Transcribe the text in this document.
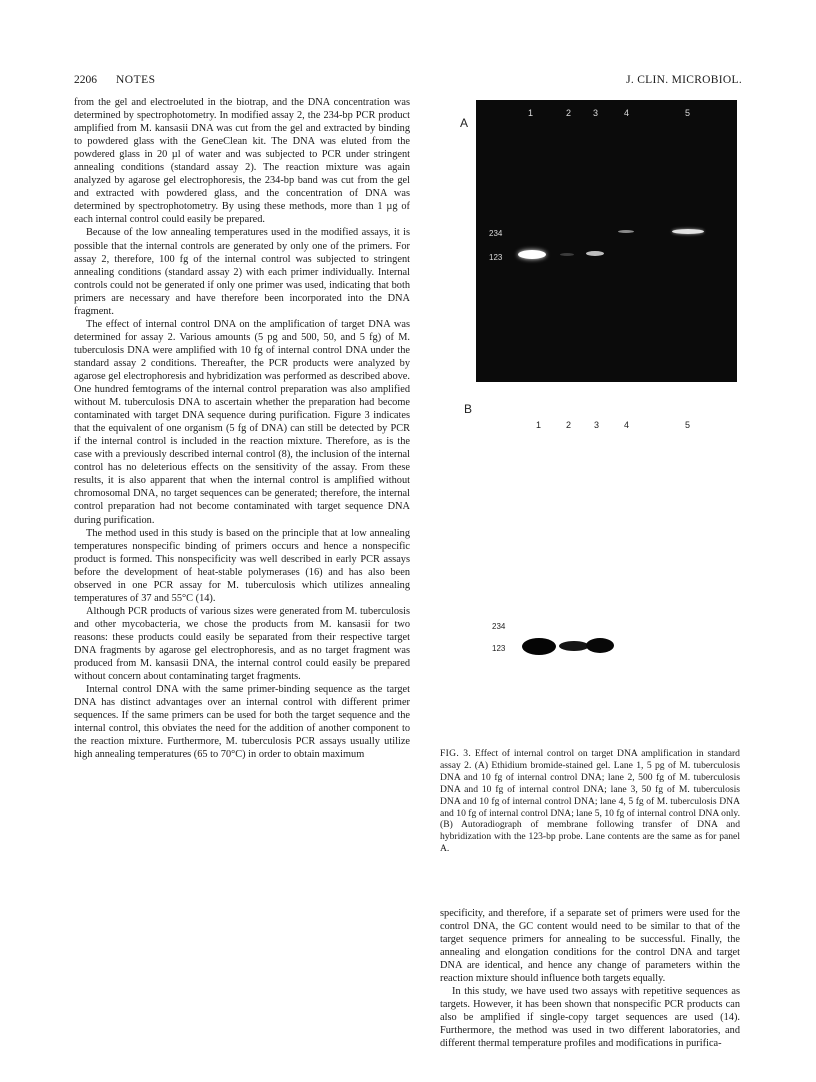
2206 NOTES	J. CLIN. MICROBIOL.

from the gel and electroeluted in the biotrap, and the DNA concentration was determined by spectrophotometry. In modified assay 2, the 234-bp PCR product amplified from M. kansasii DNA was cut from the gel and extracted by binding to powdered glass with the GeneClean kit. The DNA was eluted from the powdered glass in 20 µl of water and was subjected to PCR under stringent annealing conditions (standard assay 2). The reaction mixture was again analyzed by agarose gel electrophoresis, the 234-bp band was cut from the gel and extracted with powdered glass, and the concentration of DNA was determined by spectrophotometry. By using these methods, more than 1 µg of each internal control could easily be prepared.

Because of the low annealing temperatures used in the modified assays, it is possible that the internal controls are generated by only one of the primers. For assay 2, therefore, 100 fg of the internal control was subjected to stringent annealing conditions (standard assay 2) with each primer individually. Internal controls could not be generated if only one primer was used, indicating that both primers are necessary and have therefore been incorporated into the DNA fragment.

The effect of internal control DNA on the amplification of target DNA was determined for assay 2. Various amounts (5 pg and 500, 50, and 5 fg) of M. tuberculosis DNA were amplified with 10 fg of internal control DNA under the standard assay 2 conditions. Thereafter, the PCR products were analyzed by agarose gel electrophoresis and hybridization was performed as described above. One hundred femtograms of the internal control preparation was also amplified without M. tuberculosis DNA to ascertain whether the preparation had become contaminated with target DNA sequence during purification. Figure 3 indicates that the equivalent of one organism (5 fg of DNA) can still be detected by PCR if the internal control is included in the reaction mixture. Therefore, as is the case with a previously described internal control (8), the inclusion of the internal control has no deleterious effects on the sensitivity of the assay. From these results, it is also apparent that when the internal control is amplified without chromosomal DNA, no target sequences can be generated; therefore, the internal control preparation had not become contaminated with target sequence DNA during purification.

The method used in this study is based on the principle that at low annealing temperatures nonspecific binding of primers occurs and hence a nonspecific product is formed. This nonspecificity was well described in early PCR assays before the development of heat-stable polymerases (16) and has also been observed in one PCR assay for M. tuberculosis which utilizes annealing temperatures of 37 and 55°C (14).

Although PCR products of various sizes were generated from M. tuberculosis and other mycobacteria, we chose the products from M. kansasii for two reasons: these products could easily be separated from their respective target DNA fragments by agarose gel electrophoresis, and as no target fragment was produced from M. kansasii DNA, the internal control could easily be prepared without concern about contaminating target fragments.

Internal control DNA with the same primer-binding sequence as the target DNA has distinct advantages over an internal control with different primer sequences. If the same primers can be used for both the target sequence and the internal control, this obviates the need for the addition of another component to the reaction mixture. Furthermore, M. tuberculosis PCR assays usually utilize high annealing temperatures (65 to 70°C) in order to obtain maximum

A
1	2 3	4	5
234
123
B
1	2	3	4	5
234
123
FIG. 3. Effect of internal control on target DNA amplification in standard assay 2. (A) Ethidium bromide-stained gel. Lane 1, 5 pg of M. tuberculosis DNA and 10 fg of internal control DNA; lane 2, 500 fg of M. tuberculosis DNA and 10 fg of internal control DNA; lane 3, 50 fg of M. tuberculosis DNA and 10 fg of internal control DNA; lane 4, 5 fg of M. tuberculosis DNA and 10 fg of internal control DNA; lane 5, 10 fg of internal control DNA only. (B) Autoradiograph of membrane following transfer of DNA and hybridization with the 123-bp probe. Lane contents are the same as for panel A.

specificity, and therefore, if a separate set of primers were used for the control DNA, the GC content would need to be similar to that of the target sequence primers for annealing to be successful. Finally, the annealing and elongation conditions for the control DNA and target DNA are identical, and hence any change of parameters within the reaction mixture should influence both targets equally.

In this study, we have used two assays with repetitive sequences as targets. However, it has been shown that nonspecific PCR products can also be amplified if single-copy target sequences are used (14). Furthermore, the method was used in two different laboratories, and different thermal temperature profiles and modifications in purifica-
